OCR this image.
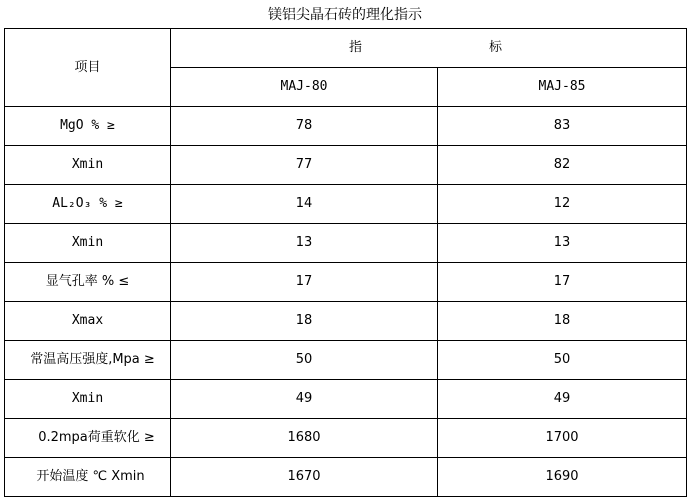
镁铝尖晶石砖的理化指示
项目	指 标	

	MAJ-80	MAJ-85
MgO % ≥	78	83
Xmin	77	82
AL₂O₃ % ≥	14	12
Xmin	13	13
显气孔率 % ≤	17	17
Xmax	18	18
常温高压强度,Mpa ≥	50	50
Xmin	49	49
0.2mpa荷重软化 ≥	1680	1700
开始温度 ℃ Xmin	1670	1690
